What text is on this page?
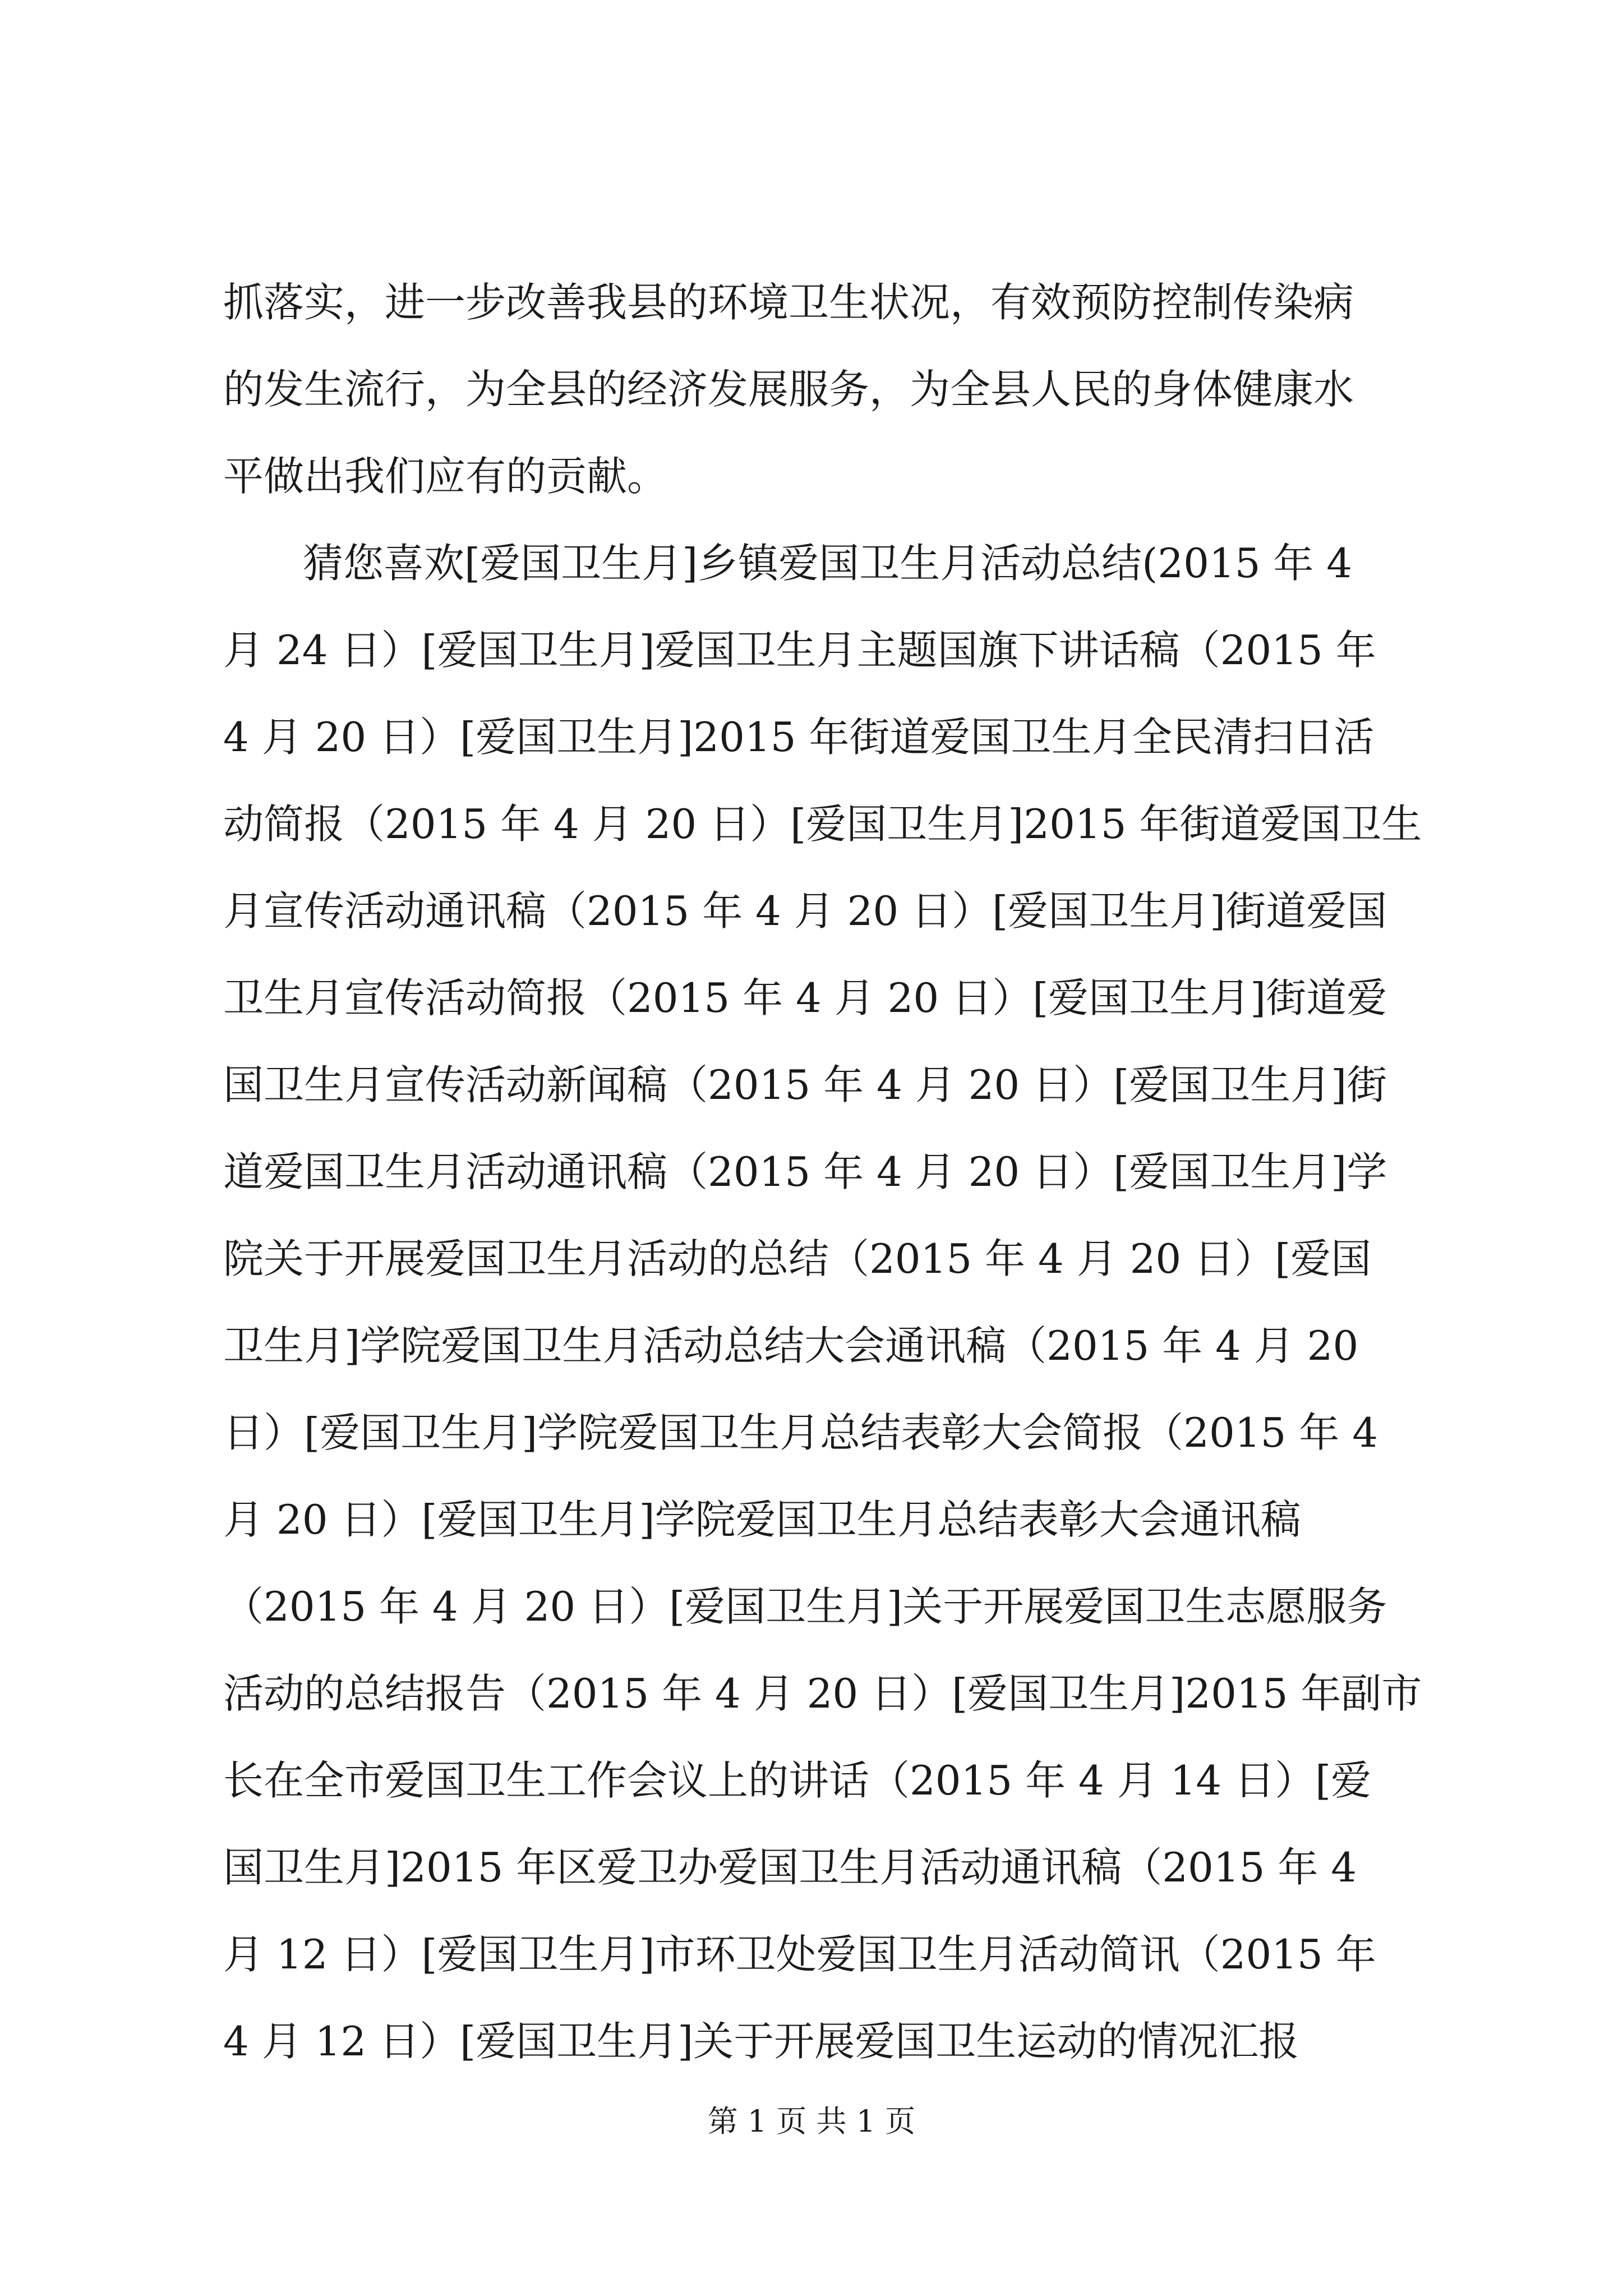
抓落实，进一步改善我县的环境卫生状况，有效预防控制传染病
的发生流行，为全县的经济发展服务，为全县人民的身体健康水
平做出我们应有的贡献。
猜您喜欢[爱国卫生月]乡镇爱国卫生月活动总结(2015 年 4
月 24 日）[爱国卫生月]爱国卫生月主题国旗下讲话稿（2015 年
4 月 20 日）[爱国卫生月]2015 年街道爱国卫生月全民清扫日活
动简报（2015 年 4 月 20 日）[爱国卫生月]2015 年街道爱国卫生
月宣传活动通讯稿（2015 年 4 月 20 日）[爱国卫生月]街道爱国
卫生月宣传活动简报（2015 年 4 月 20 日）[爱国卫生月]街道爱
国卫生月宣传活动新闻稿（2015 年 4 月 20 日）[爱国卫生月]街
道爱国卫生月活动通讯稿（2015 年 4 月 20 日）[爱国卫生月]学
院关于开展爱国卫生月活动的总结（2015 年 4 月 20 日）[爱国
卫生月]学院爱国卫生月活动总结大会通讯稿（2015 年 4 月 20
日）[爱国卫生月]学院爱国卫生月总结表彰大会简报（2015 年 4
月 20 日）[爱国卫生月]学院爱国卫生月总结表彰大会通讯稿
（2015 年 4 月 20 日）[爱国卫生月]关于开展爱国卫生志愿服务
活动的总结报告（2015 年 4 月 20 日）[爱国卫生月]2015 年副市
长在全市爱国卫生工作会议上的讲话（2015 年 4 月 14 日）[爱
国卫生月]2015 年区爱卫办爱国卫生月活动通讯稿（2015 年 4
月 12 日）[爱国卫生月]市环卫处爱国卫生月活动简讯（2015 年
4 月 12 日）[爱国卫生月]关于开展爱国卫生运动的情况汇报
第 1 页 共 1 页
